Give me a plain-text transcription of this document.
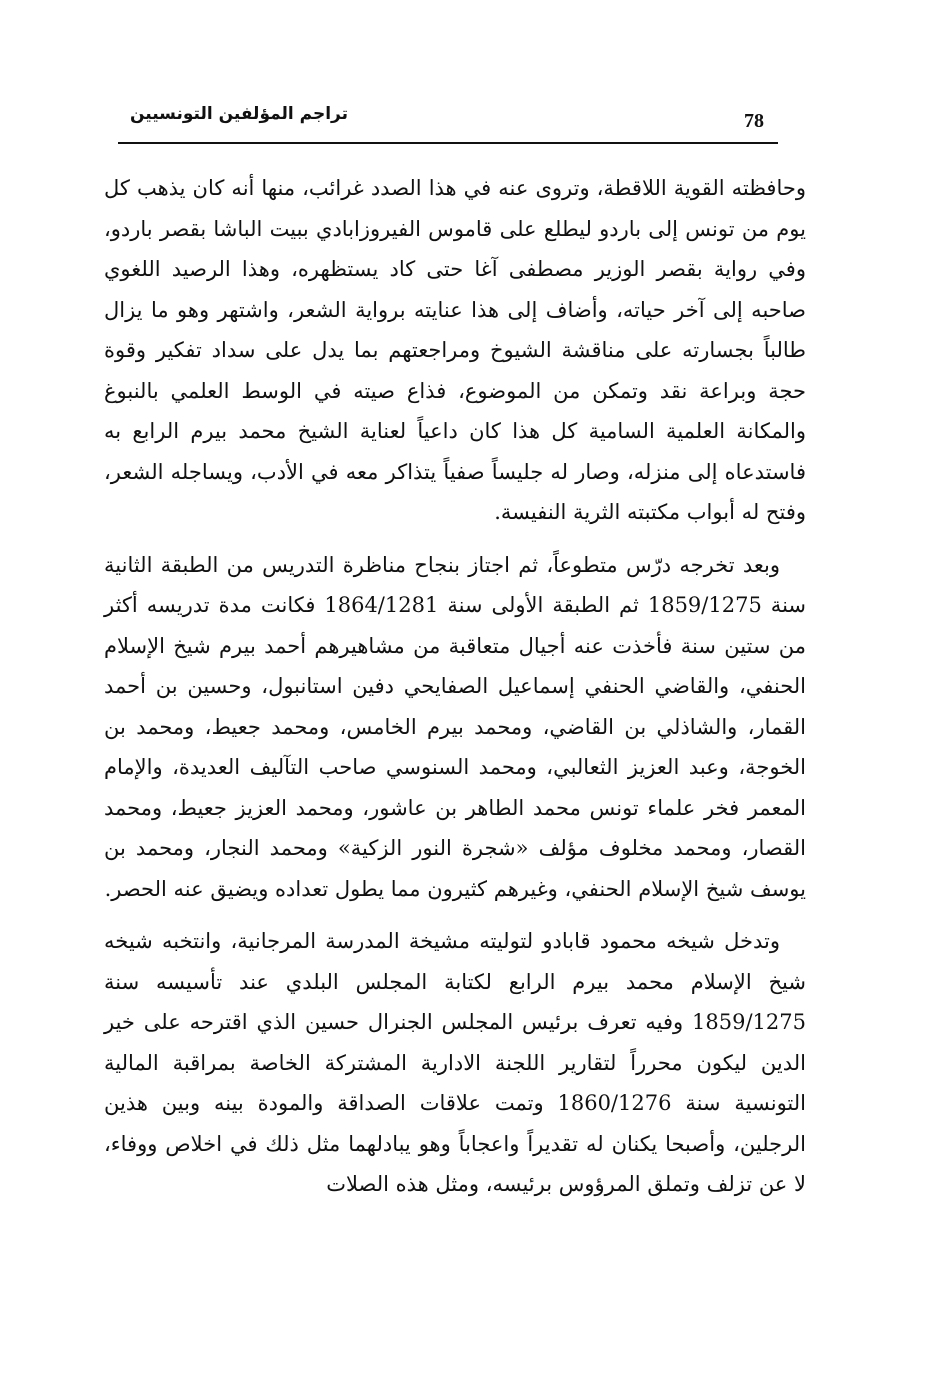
78
تراجم المؤلفين التونسيين

وحافظته القوية اللاقطة، وتروى عنه في هذا الصدد غرائب، منها أنه كان يذهب كل يوم من تونس إلى باردو ليطلع على قاموس الفيروزابادي ببيت الباشا بقصر باردو، وفي رواية بقصر الوزير مصطفى آغا حتى كاد يستظهره، وهذا الرصيد اللغوي صاحبه إلى آخر حياته، وأضاف إلى هذا عنايته برواية الشعر، واشتهر وهو ما يزال طالباً بجسارته على مناقشة الشيوخ ومراجعتهم بما يدل على سداد تفكير وقوة حجة وبراعة نقد وتمكن من الموضوع، فذاع صيته في الوسط العلمي بالنبوغ والمكانة العلمية السامية كل هذا كان داعياً لعناية الشيخ محمد بيرم الرابع به فاستدعاه إلى منزله، وصار له جليساً صفياً يتذاكر معه في الأدب، ويساجله الشعر، وفتح له أبواب مكتبته الثرية النفيسة.

وبعد تخرجه درّس متطوعاً، ثم اجتاز بنجاح مناظرة التدريس من الطبقة الثانية سنة 1859/1275 ثم الطبقة الأولى سنة 1864/1281 فكانت مدة تدريسه أكثر من ستين سنة فأخذت عنه أجيال متعاقبة من مشاهيرهم أحمد بيرم شيخ الإسلام الحنفي، والقاضي الحنفي إسماعيل الصفايحي دفين استانبول، وحسين بن أحمد القمار، والشاذلي بن القاضي، ومحمد بيرم الخامس، ومحمد جعيط، ومحمد بن الخوجة، وعبد العزيز الثعالبي، ومحمد السنوسي صاحب التآليف العديدة، والإمام المعمر فخر علماء تونس محمد الطاهر بن عاشور، ومحمد العزيز جعيط، ومحمد القصار، ومحمد مخلوف مؤلف «شجرة النور الزكية» ومحمد النجار، ومحمد بن يوسف شيخ الإسلام الحنفي، وغيرهم كثيرون مما يطول تعداده ويضيق عنه الحصر.

وتدخل شيخه محمود قابادو لتوليته مشيخة المدرسة المرجانية، وانتخبه شيخه شيخ الإسلام محمد بيرم الرابع لكتابة المجلس البلدي عند تأسيسه سنة 1859/1275 وفيه تعرف برئيس المجلس الجنرال حسين الذي اقترحه على خير الدين ليكون محرراً لتقارير اللجنة الادارية المشتركة الخاصة بمراقبة المالية التونسية سنة 1860/1276 وتمت علاقات الصداقة والمودة بينه وبين هذين الرجلين، وأصبحا يكنان له تقديراً واعجاباً وهو يبادلهما مثل ذلك في اخلاص ووفاء، لا عن تزلف وتملق المرؤوس برئيسه، ومثل هذه الصلات
